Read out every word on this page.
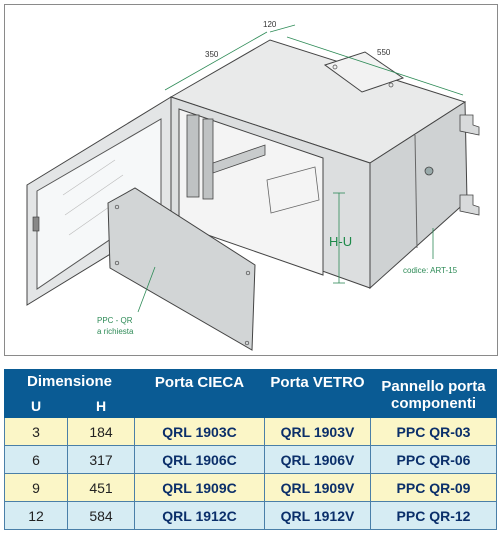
120
350	550
H-U
PPC - QR
a richiesta
codice: ART-15
Dimensione		Porta CIECA	Porta VETRO	Pannello porta
componenti

U	H			
3	184	QRL 1903C	QRL 1903V	PPC QR-03
6	317	QRL 1906C	QRL 1906V	PPC QR-06
9	451	QRL 1909C	QRL 1909V	PPC QR-09
12	584	QRL 1912C	QRL 1912V	PPC QR-12
